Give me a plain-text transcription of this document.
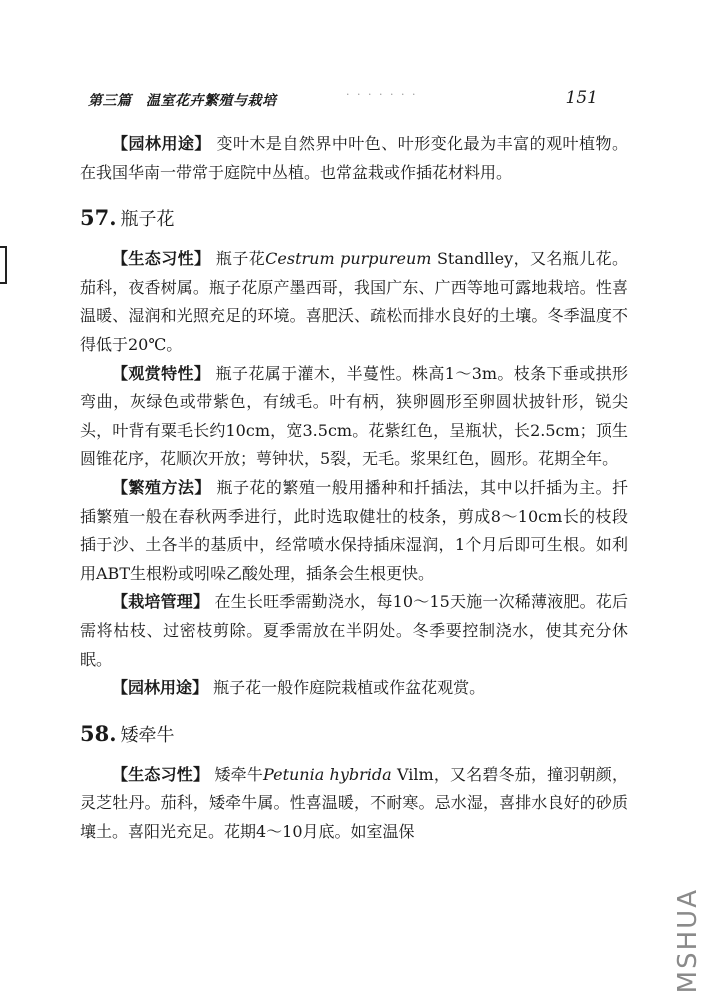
第三篇　温室花卉繁殖与栽培	· · · · · · ·	151

【园林用途】 变叶木是自然界中叶色、叶形变化最为丰富的观叶植物。在我国华南一带常于庭院中丛植。也常盆栽或作插花材料用。

57. 瓶子花

【生态习性】 瓶子花Cestrum purpureum Standlley，又名瓶儿花。茄科，夜香树属。瓶子花原产墨西哥，我国广东、广西等地可露地栽培。性喜温暖、湿润和光照充足的环境。喜肥沃、疏松而排水良好的土壤。冬季温度不得低于20℃。

【观赏特性】 瓶子花属于灌木，半蔓性。株高1～3m。枝条下垂或拱形弯曲，灰绿色或带紫色，有绒毛。叶有柄，狭卵圆形至卵圆状披针形，锐尖头，叶背有粟毛长约10cm，宽3.5cm。花紫红色，呈瓶状，长2.5cm；顶生圆锥花序，花顺次开放；萼钟状，5裂，无毛。浆果红色，圆形。花期全年。

【繁殖方法】 瓶子花的繁殖一般用播种和扦插法，其中以扦插为主。扦插繁殖一般在春秋两季进行，此时选取健壮的枝条，剪成8～10cm长的枝段插于沙、土各半的基质中，经常喷水保持插床湿润，1个月后即可生根。如利用ABT生根粉或吲哚乙酸处理，插条会生根更快。

【栽培管理】 在生长旺季需勤浇水，每10～15天施一次稀薄液肥。花后需将枯枝、过密枝剪除。夏季需放在半阴处。冬季要控制浇水，使其充分休眠。

【园林用途】 瓶子花一般作庭院栽植或作盆花观赏。

58. 矮牵牛

【生态习性】 矮牵牛Petunia hybrida Vilm，又名碧冬茄，撞羽朝颜，灵芝牡丹。茄科，矮牵牛属。性喜温暖，不耐寒。忌水湿，喜排水良好的砂质壤土。喜阳光充足。花期4～10月底。如室温保

MSHUA
